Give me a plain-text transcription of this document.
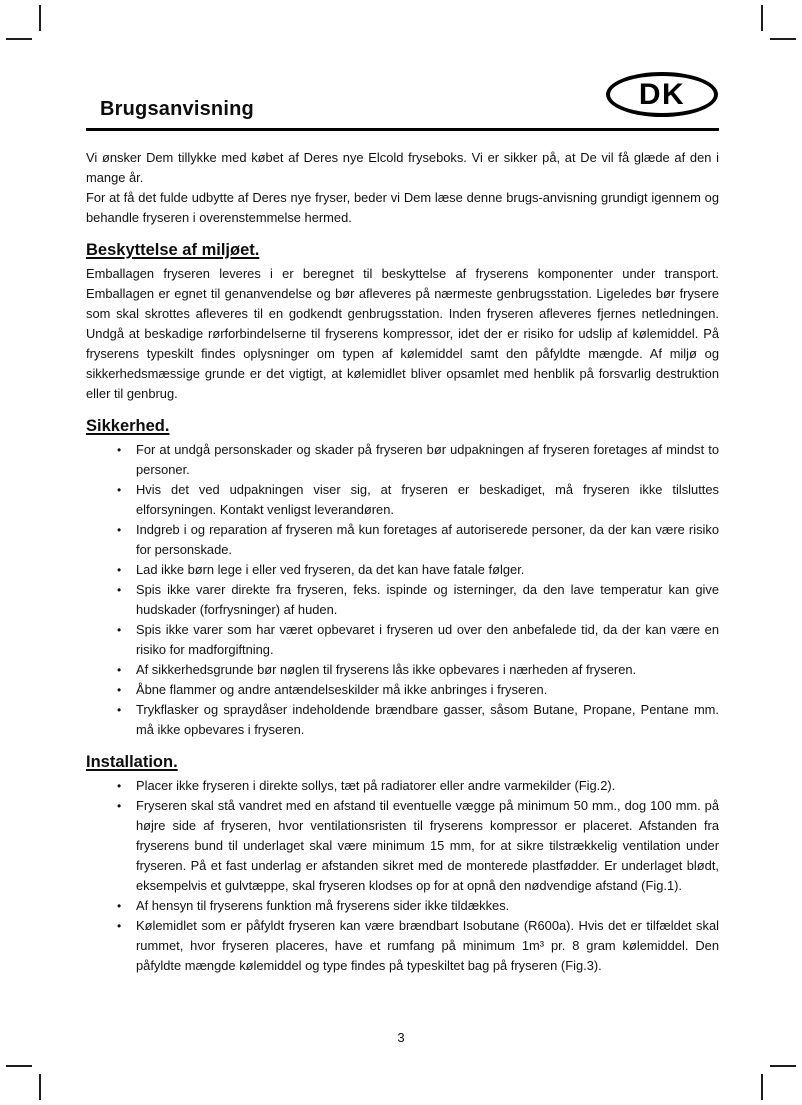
DK
Brugsanvisning

Vi ønsker Dem tillykke med købet af Deres nye Elcold fryseboks. Vi er sikker på, at De vil få glæde af den i mange år.

For at få det fulde udbytte af Deres nye fryser, beder vi Dem læse denne brugs-anvisning grundigt igennem og behandle fryseren i overenstemmelse hermed.

Beskyttelse af miljøet.

Emballagen fryseren leveres i er beregnet til beskyttelse af fryserens komponenter under transport. Emballagen er egnet til genanvendelse og bør afleveres på nærmeste genbrugsstation. Ligeledes bør frysere som skal skrottes afleveres til en godkendt genbrugsstation. Inden fryseren afleveres fjernes netledningen. Undgå at beskadige rørforbindelserne til fryserens kompressor, idet der er risiko for udslip af kølemiddel. På fryserens typeskilt findes oplysninger om typen af kølemiddel samt den påfyldte mængde. Af miljø og sikkerhedsmæssige grunde er det vigtigt, at kølemidlet bliver opsamlet med henblik på forsvarlig destruktion eller til genbrug.

Sikkerhed.
• For at undgå personskader og skader på fryseren bør udpakningen af fryseren foretages af mindst to personer.
• Hvis det ved udpakningen viser sig, at fryseren er beskadiget, må fryseren ikke tilsluttes elforsyningen. Kontakt venligst leverandøren.
• Indgreb i og reparation af fryseren må kun foretages af autoriserede personer, da der kan være risiko for personskade.
• Lad ikke børn lege i eller ved fryseren, da det kan have fatale følger.
• Spis ikke varer direkte fra fryseren, feks. ispinde og isterninger, da den lave temperatur kan give hudskader (forfrysninger) af huden.
• Spis ikke varer som har været opbevaret i fryseren ud over den anbefalede tid, da der kan være en risiko for madforgiftning.
• Af sikkerhedsgrunde bør nøglen til fryserens lås ikke opbevares i nærheden af fryseren.
• Åbne flammer og andre antændelseskilder må ikke anbringes i fryseren.
• Trykflasker og spraydåser indeholdende brændbare gasser, såsom Butane, Propane, Pentane mm. må ikke opbevares i fryseren.
Installation.
• Placer ikke fryseren i direkte sollys, tæt på radiatorer eller andre varmekilder (Fig.2).
• Fryseren skal stå vandret med en afstand til eventuelle vægge på minimum 50 mm., dog 100 mm. på højre side af fryseren, hvor ventilationsristen til fryserens kompressor er placeret. Afstanden fra fryserens bund til underlaget skal være minimum 15 mm, for at sikre tilstrækkelig ventilation under fryseren. På et fast underlag er afstanden sikret med de monterede plastfødder. Er underlaget blødt, eksempelvis et gulvtæppe, skal fryseren klodses op for at opnå den nødvendige afstand (Fig.1).
• Af hensyn til fryserens funktion må fryserens sider ikke tildækkes.
• Kølemidlet som er påfyldt fryseren kan være brændbart Isobutane (R600a). Hvis det er tilfældet skal rummet, hvor fryseren placeres, have et rumfang på minimum 1m³ pr. 8 gram kølemiddel. Den påfyldte mængde kølemiddel og type findes på typeskiltet bag på fryseren (Fig.3).
3
